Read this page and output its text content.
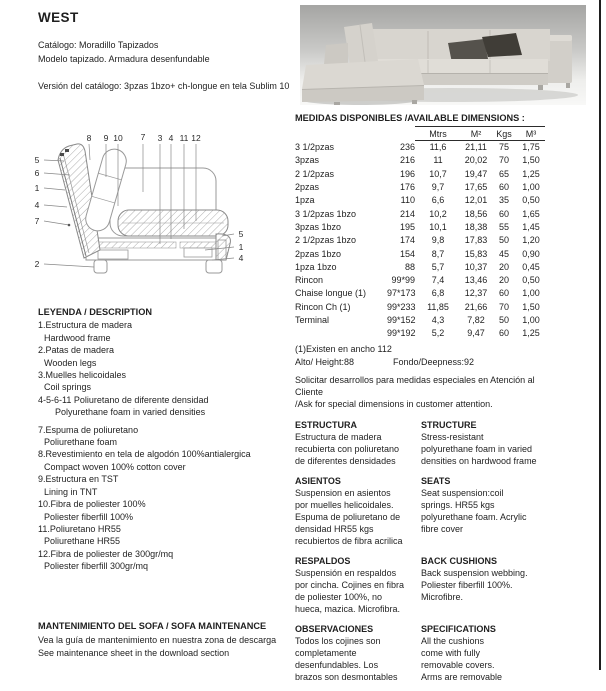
WEST
Catálogo: Moradillo Tapizados
Modelo tapizado. Armadura desenfundable
Versión del catálogo: 3pzas 1bzo+ ch-longue en tela Sublim 10
8 9 10 7 3 4 11 12
5
6
1
4
7
2
5
1
4
MEDIDAS DISPONIBLES /AVAILABLE DIMENSIONS :
		Mtrs	M²	Kgs	M³
3 1/2pzas	236	11,6	21,11	75	1,75
3pzas	216	11	20,02	70	1,50
2 1/2pzas	196	10,7	19,47	65	1,25
2pzas	176	9,7	17,65	60	1,00
1pza	110	6,6	12,01	35	0,50
3 1/2pzas 1bzo	214	10,2	18,56	60	1,65
3pzas 1bzo	195	10,1	18,38	55	1,45
2 1/2pzas 1bzo	174	9,8	17,83	50	1,20
2pzas 1bzo	154	8,7	15,83	45	0,90
1pza 1bzo	88	5,7	10,37	20	0,45
Rincon	99*99	7,4	13,46	20	0,50
Chaise longue (1)	97*173	6,8	12,37	60	1,00
Rincon Ch (1)	99*233	11,85	21,66	70	1,50
Terminal	99*152	4,3	7,82	50	1,00
	99*192	5,2	9,47	60	1,25
(1)Existen en ancho 112
Alto/ Height:88	Fondo/Deepness:92
Solicitar desarrollos para medidas especiales en Atención al Cliente
/Ask for special dimensions in customer attention.
ESTRUCTURA
Estructura de madera
recubierta con poliuretano
de diferentes densidades
STRUCTURE
Stress-resistant
polyurethane foam in varied
densities on hardwood frame
ASIENTOS
Suspension en asientos
por muelles helicoidales.
Espuma de poliuretano de
densidad HR55 kgs
recubiertos de fibra acrilica
SEATS
Seat suspension:coil
springs. HR55 kgs
polyurethane foam. Acrylic
fibre cover
RESPALDOS
Suspensión en respaldos
por cincha. Cojines en fibra
de poliester 100%, no
hueca, mazica. Microfibra.
BACK CUSHIONS
Back suspension webbing.
Poliester fiberfill 100%.
Microfibre.
OBSERVACIONES
Todos los cojines son
completamente
desenfundables. Los
brazos son desmontables
SPECIFICATIONS
All the cushions
come with fully
removable covers.
Arms are removable
LEYENDA / DESCRIPTION
1.Estructura de madera
Hardwood frame
2.Patas de madera
Wooden legs
3.Muelles helicoidales
Coil springs
4-5-6-11 Poliuretano de diferente densidad
Polyurethane foam in varied densities
7.Espuma de poliuretano
Poliurethane foam
8.Revestimiento en tela de algodón 100%antialergica
Compact woven 100% cotton cover
9.Estructura en TST
Lining in TNT
10.Fibra de poliester 100%
Poliester fiberfill 100%
11.Poliuretano HR55
Poliurethane HR55
12.Fibra de poliester de 300gr/mq
Poliester fiberfill 300gr/mq
MANTENIMIENTO DEL SOFA / SOFA MAINTENANCE
Vea la guía de mantenimiento en nuestra zona de descarga
See maintenance sheet in the download section
